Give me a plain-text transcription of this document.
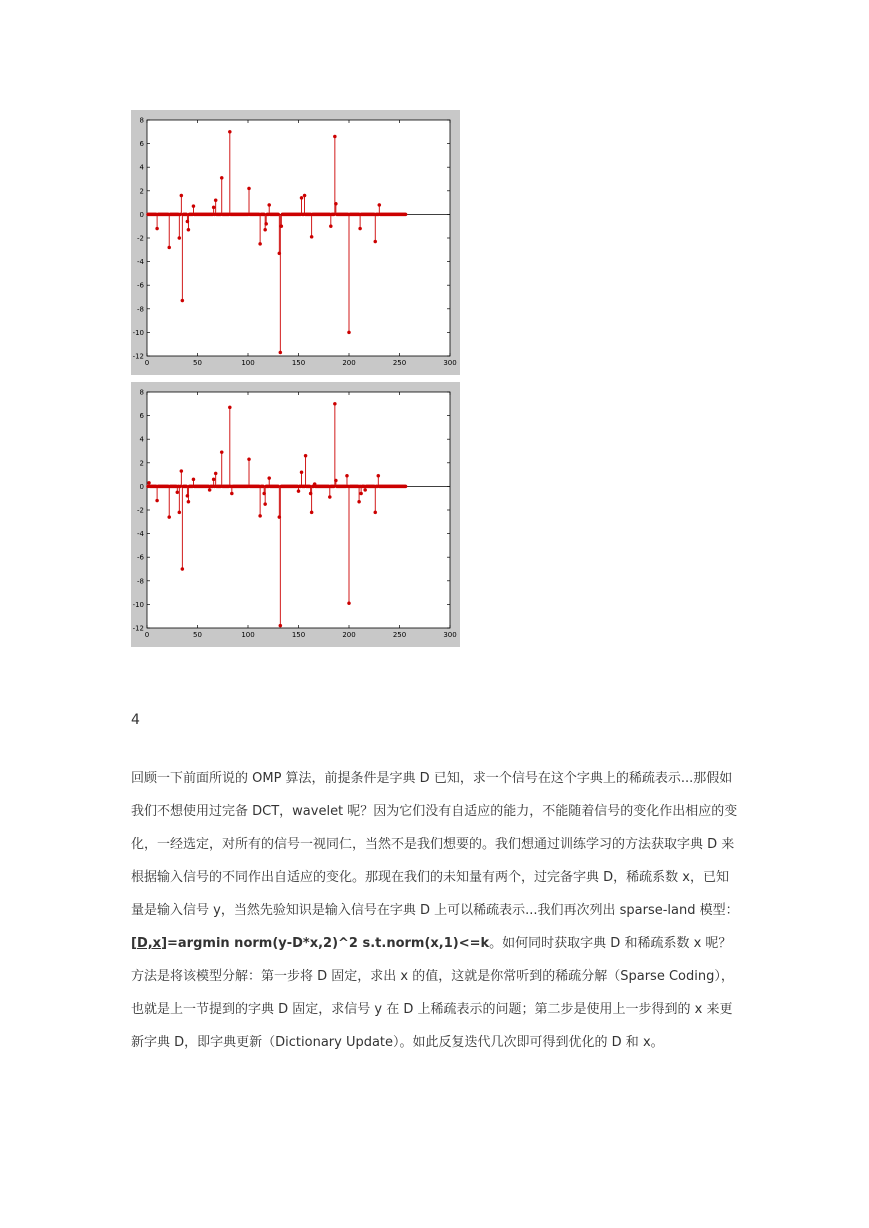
8
6
4
2
0
-2
-4
-6
-8
-10
-12
0	50	100	150	200	250	300
8
6
4
2
0
-2
-4
-6
-8
-10
-12
0	50	100	150	200	250	300
4

回顾一下前面所说的 OMP 算法，前提条件是字典 D 已知，求一个信号在这个字典上的稀疏表示...那假如我们不想使用过完备 DCT，wavelet 呢？因为它们没有自适应的能力，不能随着信号的变化作出相应的变化，一经选定，对所有的信号一视同仁，当然不是我们想要的。我们想通过训练学习的方法获取字典 D 来根据输入信号的不同作出自适应的变化。那现在我们的未知量有两个，过完备字典 D，稀疏系数 x，已知量是输入信号 y，当然先验知识是输入信号在字典 D 上可以稀疏表示...我们再次列出 sparse-land 模型：[D,x]=argmin norm(y-D*x,2)^2 s.t.norm(x,1)<=k。如何同时获取字典 D 和稀疏系数 x 呢？方法是将该模型分解：第一步将 D 固定，求出 x 的值，这就是你常听到的稀疏分解（Sparse Coding），也就是上一节提到的字典 D 固定，求信号 y 在 D 上稀疏表示的问题；第二步是使用上一步得到的 x 来更新字典 D，即字典更新（Dictionary Update）。如此反复迭代几次即可得到优化的 D 和 x。
